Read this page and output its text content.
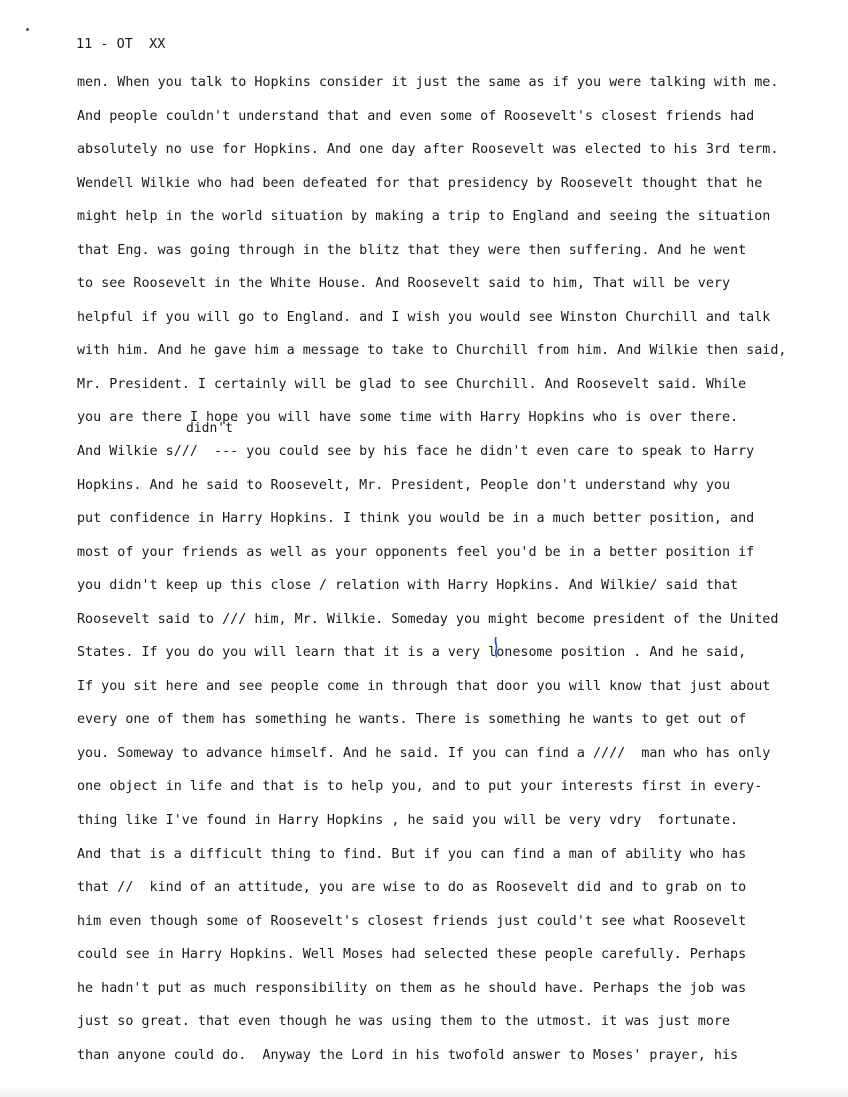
11 - OT  XX
didn't
men. When you talk to Hopkins consider it just the same as if you were talking with me.
And people couldn't understand that and even some of Roosevelt's closest friends had
absolutely no use for Hopkins. And one day after Roosevelt was elected to his 3rd term.
Wendell Wilkie who had been defeated for that presidency by Roosevelt thought that he
might help in the world situation by making a trip to England and seeing the situation
that Eng. was going through in the blitz that they were then suffering. And he went
to see Roosevelt in the White House. And Roosevelt said to him, That will be very
helpful if you will go to England. and I wish you would see Winston Churchill and talk
with him. And he gave him a message to take to Churchill from him. And Wilkie then said,
Mr. President. I certainly will be glad to see Churchill. And Roosevelt said. While
you are there I hope you will have some time with Harry Hopkins who is over there.
And Wilkie s///  --- you could see by his face he didn't even care to speak to Harry
Hopkins. And he said to Roosevelt, Mr. President, People don't understand why you
put confidence in Harry Hopkins. I think you would be in a much better position, and
most of your friends as well as your opponents feel you'd be in a better position if
you didn't keep up this close / relation with Harry Hopkins. And Wilkie/ said that
Roosevelt said to /// him, Mr. Wilkie. Someday you might become president of the United
States. If you do you will learn that it is a very lonesome position . And he said,
If you sit here and see people come in through that door you will know that just about
every one of them has something he wants. There is something he wants to get out of
you. Someway to advance himself. And he said. If you can find a ////  man who has only
one object in life and that is to help you, and to put your interests first in every-
thing like I've found in Harry Hopkins , he said you will be very vdry  fortunate.
And that is a difficult thing to find. But if you can find a man of ability who has
that //  kind of an attitude, you are wise to do as Roosevelt did and to grab on to
him even though some of Roosevelt's closest friends just could't see what Roosevelt
could see in Harry Hopkins. Well Moses had selected these people carefully. Perhaps
he hadn't put as much responsibility on them as he should have. Perhaps the job was
just so great. that even though he was using them to the utmost. it was just more
than anyone could do.  Anyway the Lord in his twofold answer to Moses' prayer, his
